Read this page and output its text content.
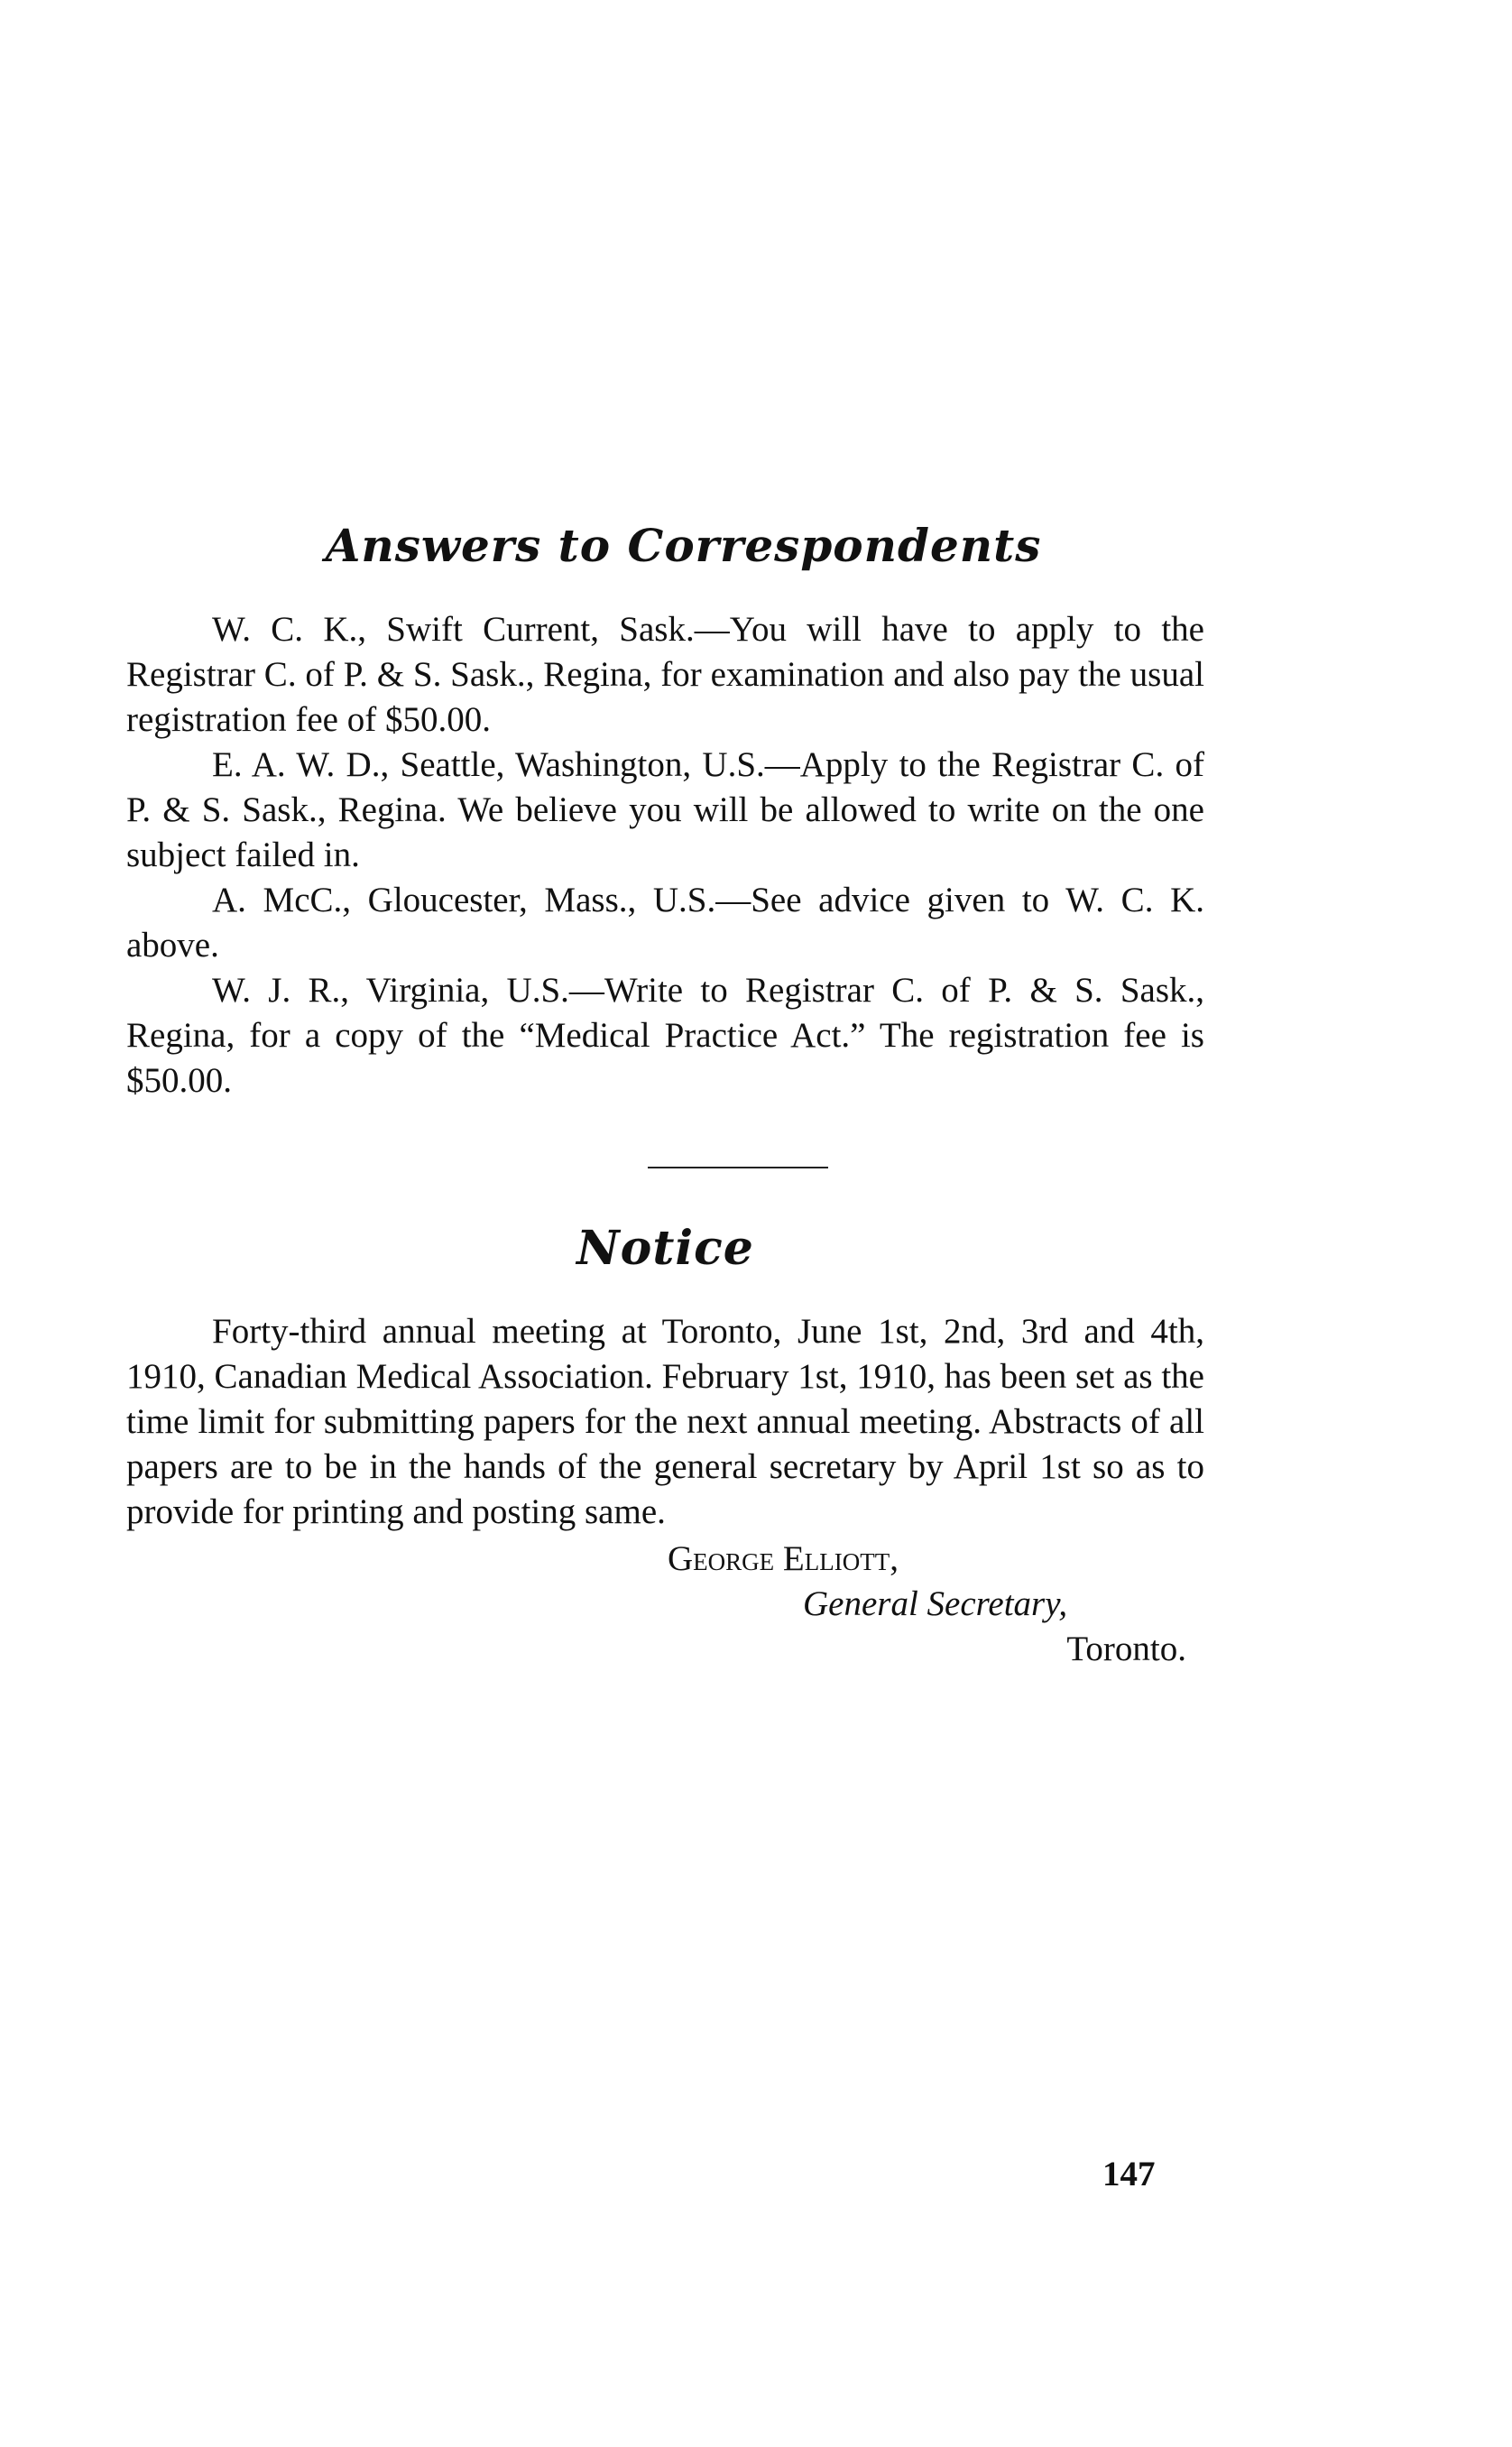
Answers to Correspondents

W. C. K., Swift Current, Sask.—You will have to apply to the Registrar C. of P. & S. Sask., Regina, for examination and also pay the usual registration fee of $50.00.

E. A. W. D., Seattle, Washington, U.S.—Apply to the Registrar C. of P. & S. Sask., Regina. We believe you will be allowed to write on the one subject failed in.

A. McC., Gloucester, Mass., U.S.—See advice given to W. C. K. above.

W. J. R., Virginia, U.S.—Write to Registrar C. of P. & S. Sask., Regina, for a copy of the “Medical Practice Act.” The registration fee is $50.00.

Notice

Forty-third annual meeting at Toronto, June 1st, 2nd, 3rd and 4th, 1910, Canadian Medical Association. February 1st, 1910, has been set as the time limit for submitting papers for the next annual meeting. Abstracts of all papers are to be in the hands of the general secretary by April 1st so as to provide for printing and posting same.

George Elliott,
General Secretary,
Toronto.
147
